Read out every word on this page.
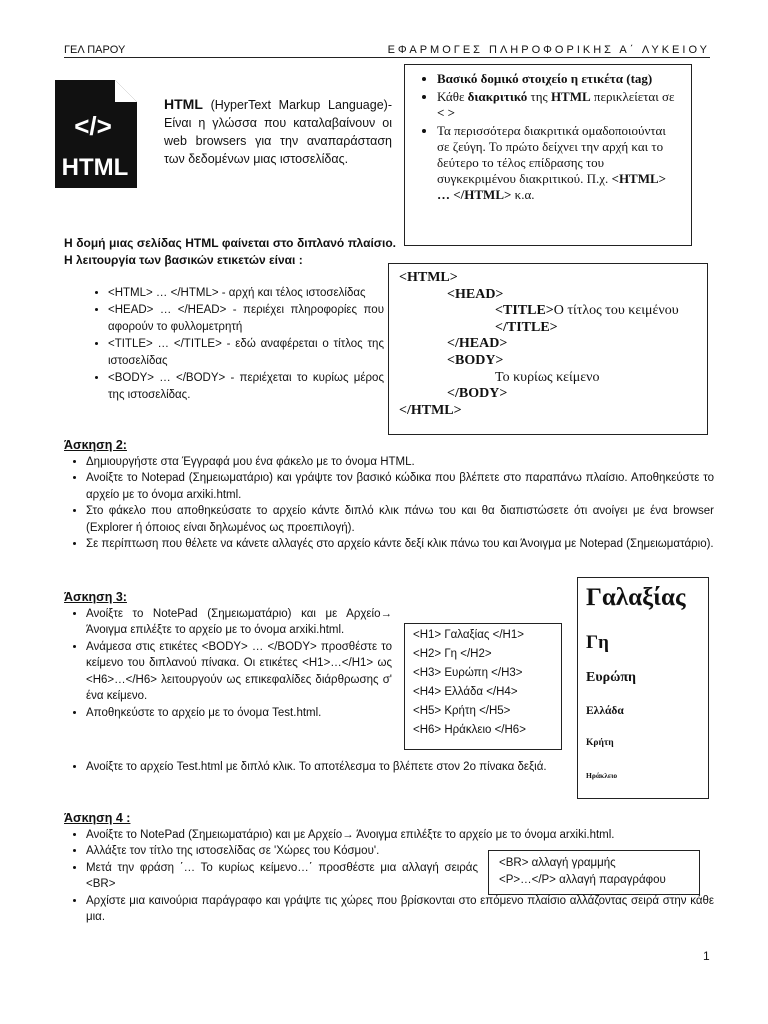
ΓΕΛ ΠΑΡΟΥ	ΕΦΑΡΜΟΓΕΣ ΠΛΗΡΟΦΟΡΙΚΗΣ Α΄ ΛΥΚΕΙΟΥ
</>
HTML
HTML (HyperText Markup Language)- Είναι η γλώσσα που καταλαβαίνουν οι web browsers για την αναπαράσταση των δεδομένων μιας ιστοσελίδας.
• Βασικό δομικό στοιχείο η ετικέτα (tag)
• Κάθε διακριτικό της HTML περικλείεται σε < >
• Τα περισσότερα διακριτικά ομαδοποιούνται σε ζεύγη. Το πρώτο δείχνει την αρχή και το δεύτερο το τέλος επίδρασης του συγκεκριμένου διακριτικού. Π.χ. <HTML> … </HTML> κ.α.
Η δομή μιας σελίδας HTML φαίνεται στο διπλανό πλαίσιο. Η λειτουργία των βασικών ετικετών είναι :
• <HTML> … </HTML> - αρχή και τέλος ιστοσελίδας
• <HEAD> … </HEAD> - περιέχει πληροφορίες που αφορούν το φυλλομετρητή
• <TITLE> … </TITLE> - εδώ αναφέρεται ο τίτλος της ιστοσελίδας
• <BODY> … </BODY> - περιέχεται το κυρίως μέρος της ιστοσελίδας.
<HTML>
<HEAD>
<TITLE>Ο τίτλος του κειμένου
</TITLE>
</HEAD>
<BODY>
Το κυρίως κείμενο
</BODY>
</HTML>
Άσκηση 2:
• Δημιουργήστε στα Έγγραφά μου ένα φάκελο με το όνομα HTML.
• Ανοίξτε το Notepad (Σημειωματάριο) και γράψτε τον βασικό κώδικα που βλέπετε στο παραπάνω πλαίσιο. Αποθηκεύστε το αρχείο με το όνομα arxiki.html.
• Στο φάκελο που αποθηκεύσατε το αρχείο κάντε διπλό κλικ πάνω του και θα διαπιστώσετε ότι ανοίγει με ένα browser (Explorer ή όποιος είναι δηλωμένος ως προεπιλογή).
• Σε περίπτωση που θέλετε να κάνετε αλλαγές στο αρχείο κάντε δεξί κλικ πάνω του και Άνοιγμα με Notepad (Σημειωματάριο).
Άσκηση 3:
• Ανοίξτε το NotePad (Σημειωματάριο) και με Αρχείο→ Άνοιγμα επιλέξτε το αρχείο με το όνομα arxiki.html.
• Ανάμεσα στις ετικέτες <BODY> … </BODY> προσθέστε το κείμενο του διπλανού πίνακα. Οι ετικέτες <H1>…</H1> ως <H6>…</H6> λειτουργούν ως επικεφαλίδες διάρθρωσης σ' ένα κείμενο.
• Αποθηκεύστε το αρχείο με το όνομα Test.html.
• Ανοίξτε το αρχείο Test.html με διπλό κλικ. Το αποτέλεσμα το βλέπετε στον 2ο πίνακα δεξιά.
<H1> Γαλαξίας </H1>
<H2> Γη </H2>
<H3> Ευρώπη </H3>
<H4> Ελλάδα </H4>
<H5> Κρήτη </H5>
<H6> Ηράκλειο </H6>
Γαλαξίας
Γη
Ευρώπη
Ελλάδα
Κρήτη
Ηράκλειο
Άσκηση 4 :
• Ανοίξτε το NotePad (Σημειωματάριο) και με Αρχείο→ Άνοιγμα επιλέξτε το αρχείο με το όνομα arxiki.html.
• Αλλάξτε τον τίτλο της ιστοσελίδας σε 'Χώρες του Κόσμου'.
• Μετά την φράση ΄… Το κυρίως κείμενο…΄ προσθέστε μια αλλαγή σειράς <BR>
• Αρχίστε μια καινούρια παράγραφο και γράψτε τις χώρες που βρίσκονται στο επόμενο πλαίσιο αλλάζοντας σειρά στην κάθε μια.
<BR> αλλαγή γραμμής
<P>…</P> αλλαγή παραγράφου
1
